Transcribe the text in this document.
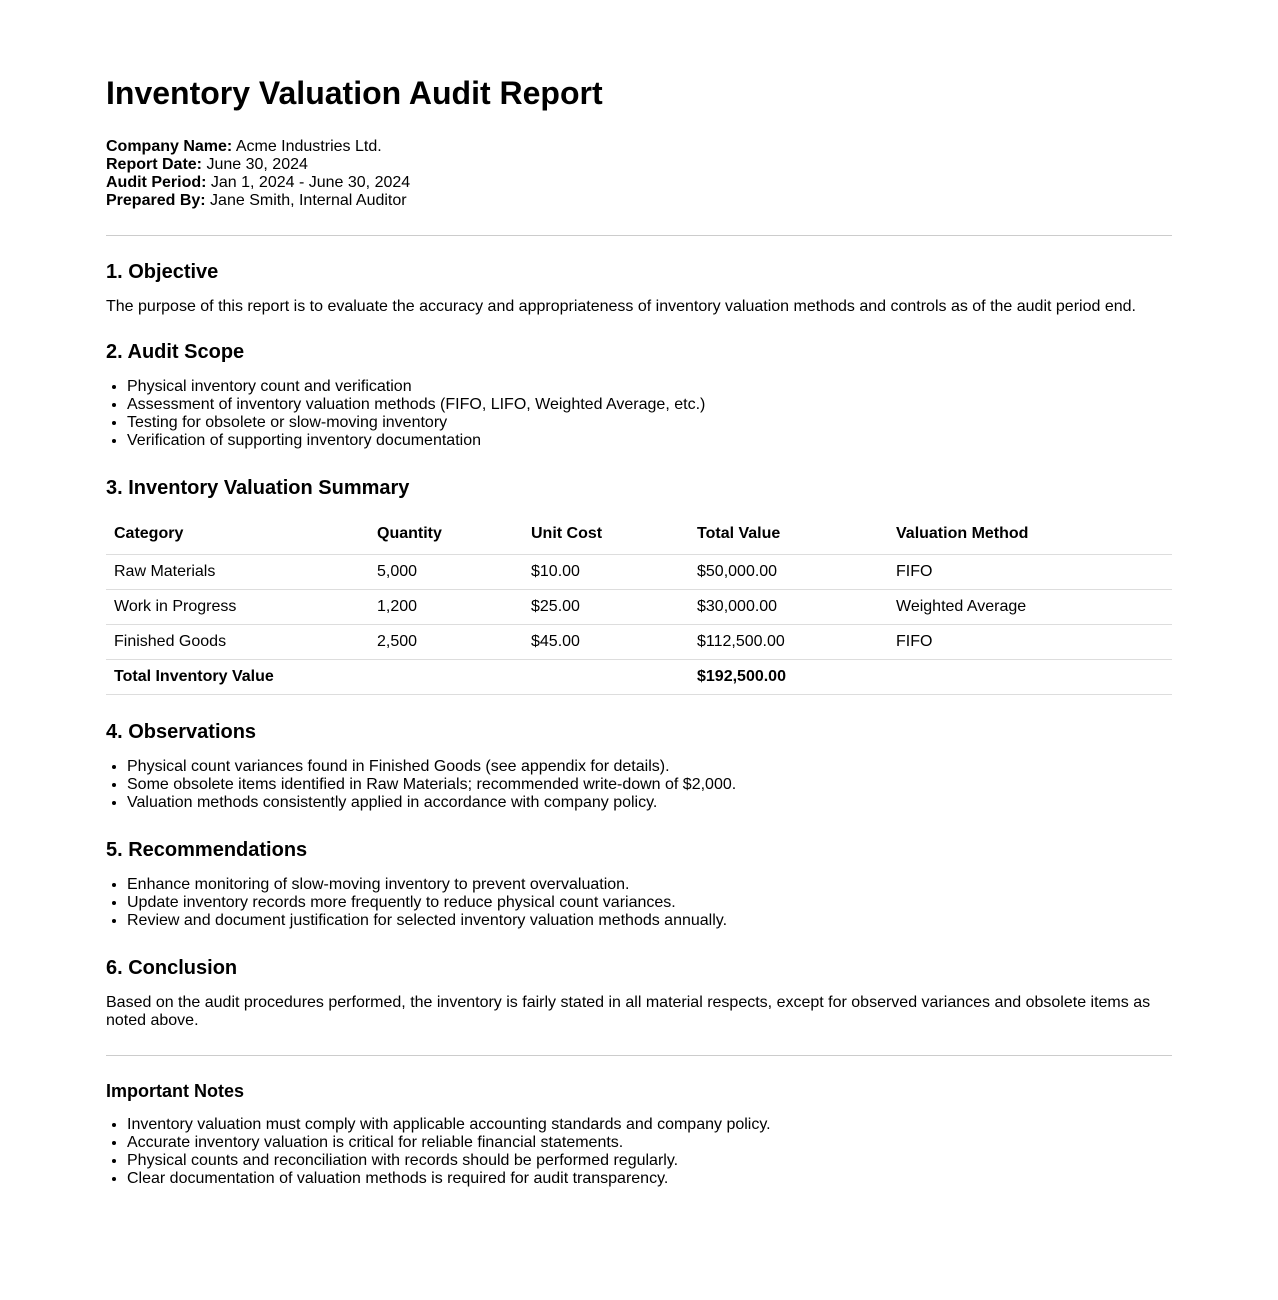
Inventory Valuation Audit Report
Company Name: Acme Industries Ltd.
Report Date: June 30, 2024
Audit Period: Jan 1, 2024 - June 30, 2024
Prepared By: Jane Smith, Internal Auditor
1. Objective

The purpose of this report is to evaluate the accuracy and appropriateness of inventory valuation methods and controls as of the audit period end.

2. Audit Scope
• Physical inventory count and verification
• Assessment of inventory valuation methods (FIFO, LIFO, Weighted Average, etc.)
• Testing for obsolete or slow-moving inventory
• Verification of supporting inventory documentation
3. Inventory Valuation Summary
Category	Quantity	Unit Cost	Total Value	Valuation Method
Raw Materials	5,000	$10.00	$50,000.00	FIFO
Work in Progress	1,200	$25.00	$30,000.00	Weighted Average
Finished Goods	2,500	$45.00	$112,500.00	FIFO
Total Inventory Value			$192,500.00	
4. Observations
• Physical count variances found in Finished Goods (see appendix for details).
• Some obsolete items identified in Raw Materials; recommended write-down of $2,000.
• Valuation methods consistently applied in accordance with company policy.
5. Recommendations
• Enhance monitoring of slow-moving inventory to prevent overvaluation.
• Update inventory records more frequently to reduce physical count variances.
• Review and document justification for selected inventory valuation methods annually.
6. Conclusion

Based on the audit procedures performed, the inventory is fairly stated in all material respects, except for observed variances and obsolete items as noted above.

Important Notes
• Inventory valuation must comply with applicable accounting standards and company policy.
• Accurate inventory valuation is critical for reliable financial statements.
• Physical counts and reconciliation with records should be performed regularly.
• Clear documentation of valuation methods is required for audit transparency.
